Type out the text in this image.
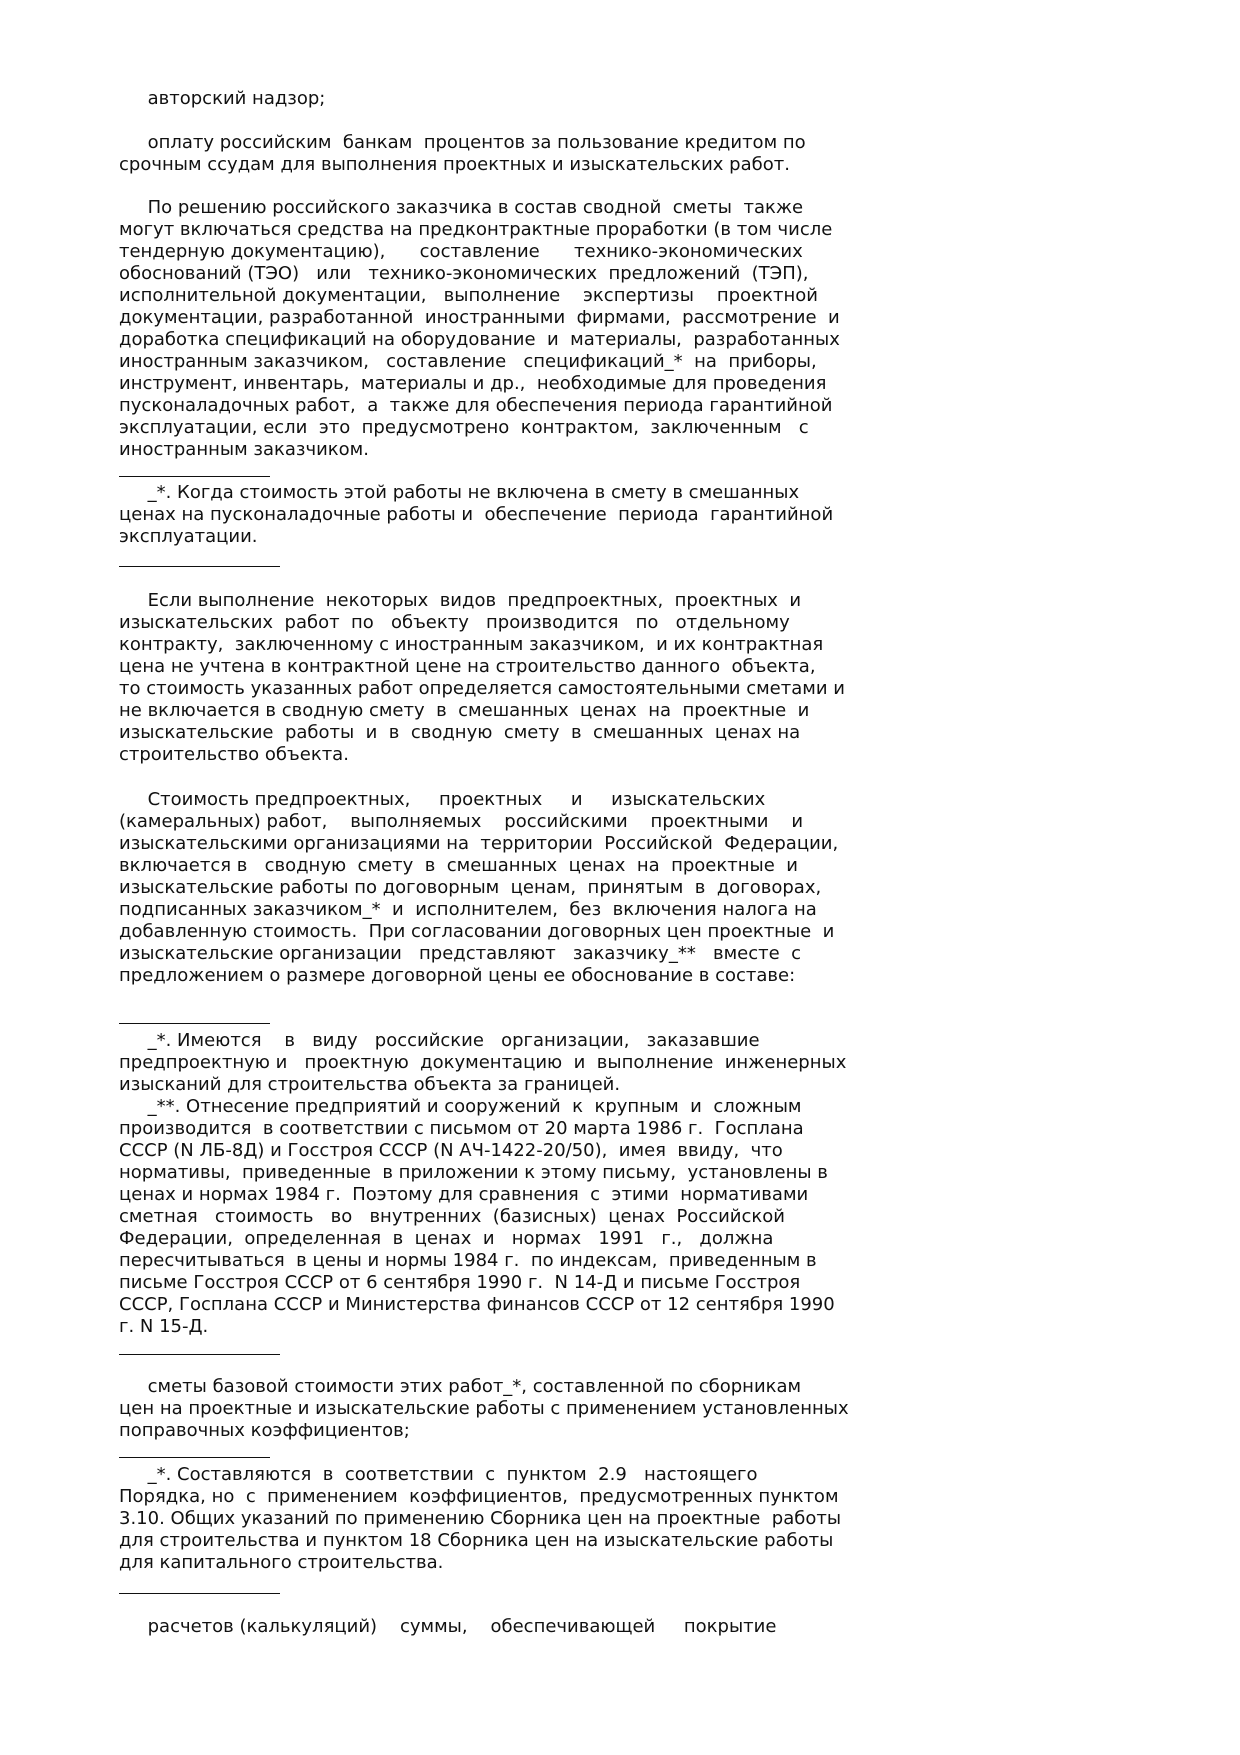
авторский надзор;
оплату российским  банкам  процентов за пользование кредитом по
срочным ссудам для выполнения проектных и изыскательских работ.
По решению российского заказчика в состав сводной  сметы  также
могут включаться средства на предконтрактные проработки (в том числе
тендерную документацию),      составление      технико-экономических
обоснований (ТЭО)   или   технико-экономических  предложений  (ТЭП),
исполнительной документации,   выполнение    экспертизы    проектной
документации, разработанной  иностранными  фирмами,  рассмотрение  и
доработка спецификаций на оборудование  и  материалы,  разработанных
иностранным заказчиком,   составление   спецификаций_*  на  приборы,
инструмент, инвентарь,  материалы и др.,  необходимые для проведения
пусконаладочных работ,  а  также для обеспечения периода гарантийной
эксплуатации, если  это  предусмотрено  контрактом,  заключенным   с
иностранным заказчиком.
_*. Когда стоимость этой работы не включена в смету в смешанных
ценах на пусконаладочные работы и  обеспечение  периода  гарантийной
эксплуатации.
Если выполнение  некоторых  видов  предпроектных,  проектных  и
изыскательских  работ  по   объекту   производится   по   отдельному
контракту,  заключенному с иностранным заказчиком,  и их контрактная
цена не учтена в контрактной цене на строительство данного  объекта,
то стоимость указанных работ определяется самостоятельными сметами и
не включается в сводную смету  в  смешанных  ценах  на  проектные  и
изыскательские  работы  и  в  сводную  смету  в  смешанных  ценах на
строительство объекта.
Стоимость предпроектных,     проектных     и     изыскательских
(камеральных) работ,    выполняемых    российскими    проектными    и
изыскательскими организациями на  территории  Российской  Федерации,
включается в   сводную  смету  в  смешанных  ценах  на  проектные  и
изыскательские работы по договорным  ценам,  принятым  в  договорах,
подписанных заказчиком_*  и  исполнителем,  без  включения налога на
добавленную стоимость.  При согласовании договорных цен проектные  и
изыскательские организации   представляют   заказчику_**   вместе  с
предложением о размере договорной цены ее обоснование в составе:
_*. Имеются    в   виду   российские   организации,   заказавшие
предпроектную и   проектную  документацию  и  выполнение  инженерных
изысканий для строительства объекта за границей.
_**. Отнесение предприятий и сооружений  к  крупным  и  сложным
производится  в соответствии с письмом от 20 марта 1986 г.  Госплана
СССР (N ЛБ-8Д) и Госстроя СССР (N АЧ-1422-20/50),  имея  ввиду,  что
нормативы,  приведенные  в приложении к этому письму,  установлены в
ценах и нормах 1984 г.  Поэтому для сравнения  с  этими  нормативами
сметная   стоимость   во   внутренних  (базисных)  ценах  Российской
Федерации,  определенная  в  ценах  и   нормах   1991   г.,   должна
пересчитываться  в цены и нормы 1984 г.  по индексам,  приведенным в
письме Госстроя СССР от 6 сентября 1990 г.  N 14-Д и письме Госстроя
СССР, Госплана СССР и Министерства финансов СССР от 12 сентября 1990
г. N 15-Д.
сметы базовой стоимости этих работ_*, составленной по сборникам
цен на проектные и изыскательские работы с применением установленных
поправочных коэффициентов;
_*. Составляются  в  соответствии  с  пунктом  2.9   настоящего
Порядка, но  с  применением  коэффициентов,  предусмотренных пунктом
3.10. Общих указаний по применению Сборника цен на проектные  работы
для строительства и пунктом 18 Сборника цен на изыскательские работы
для капитального строительства.
расчетов (калькуляций)    суммы,    обеспечивающей     покрытие
